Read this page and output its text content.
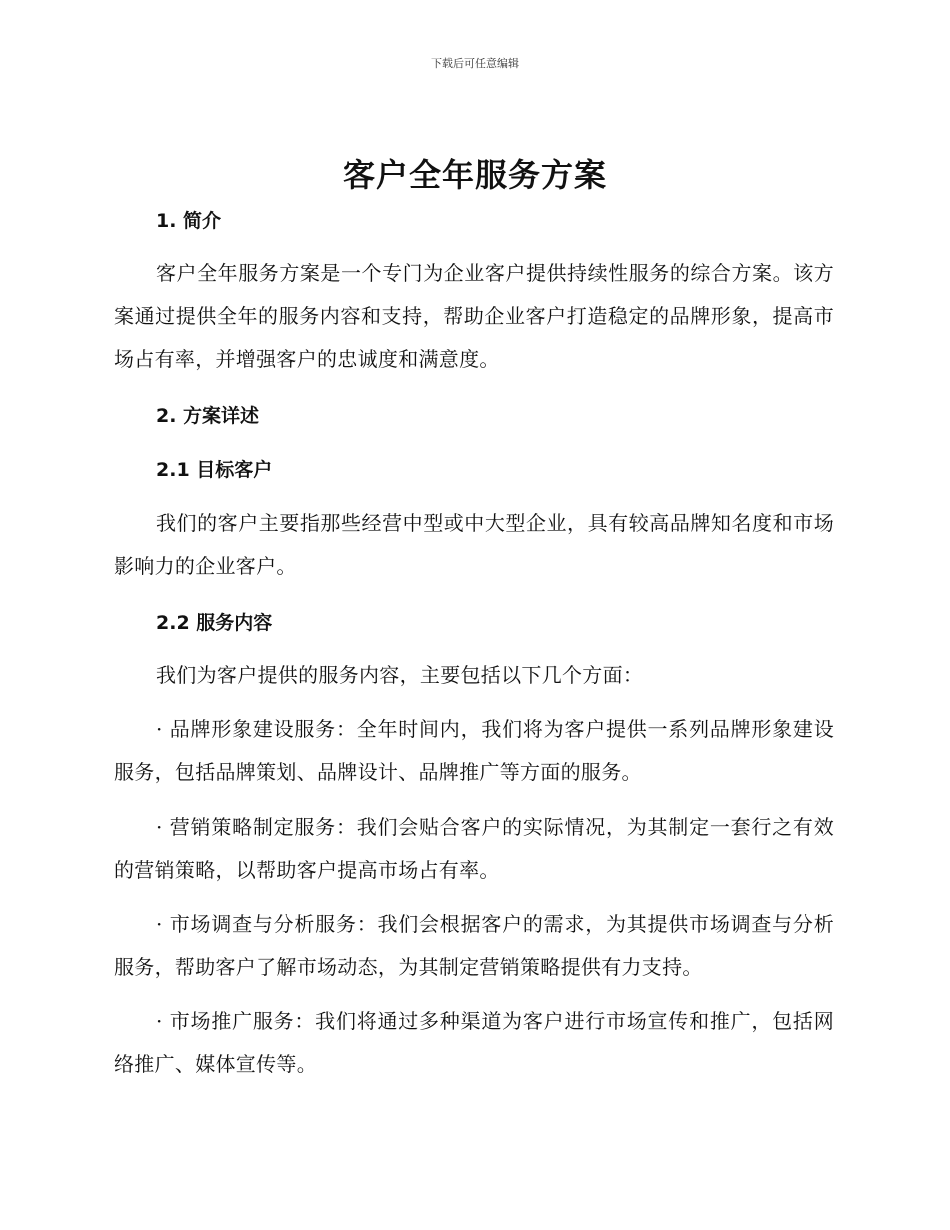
下载后可任意编辑
客户全年服务方案
1. 简介

客户全年服务方案是一个专门为企业客户提供持续性服务的综合方案。该方案通过提供全年的服务内容和支持，帮助企业客户打造稳定的品牌形象，提高市场占有率，并增强客户的忠诚度和满意度。

2. 方案详述
2.1 目标客户

我们的客户主要指那些经营中型或中大型企业，具有较高品牌知名度和市场影响力的企业客户。

2.2 服务内容

我们为客户提供的服务内容，主要包括以下几个方面：

· 品牌形象建设服务：全年时间内，我们将为客户提供一系列品牌形象建设服务，包括品牌策划、品牌设计、品牌推广等方面的服务。

· 营销策略制定服务：我们会贴合客户的实际情况，为其制定一套行之有效的营销策略，以帮助客户提高市场占有率。

· 市场调查与分析服务：我们会根据客户的需求，为其提供市场调查与分析服务，帮助客户了解市场动态，为其制定营销策略提供有力支持。

· 市场推广服务：我们将通过多种渠道为客户进行市场宣传和推广，包括网络推广、媒体宣传等。
